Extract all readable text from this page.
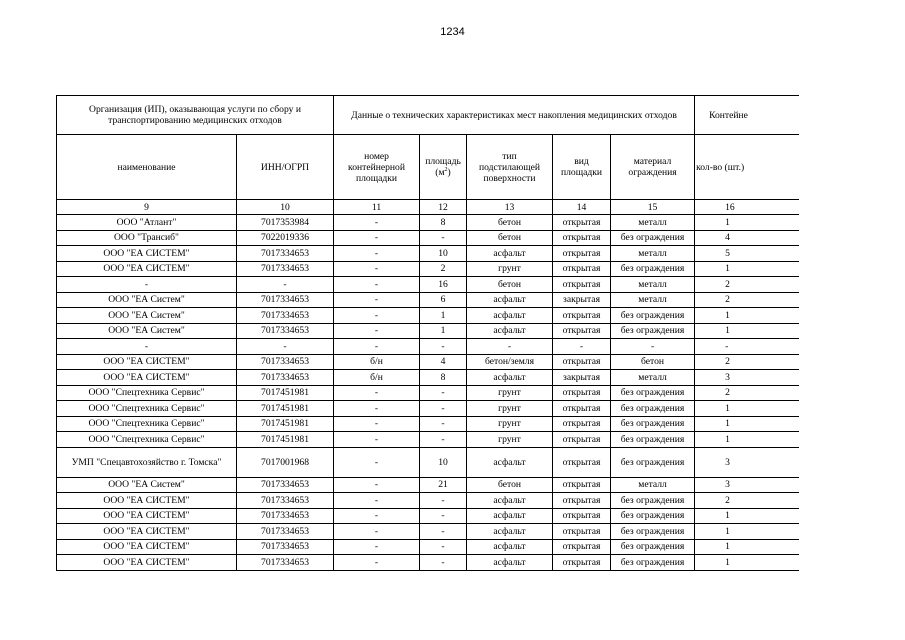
1234
Организация (ИП), оказывающая услуги по сбору и транспортированию медицинских отходов		Данные о технических характеристиках мест накопления медицинских отходов					Контейне
наименование	ИНН/ОГРП	номер контейнерной площадки	площадь $(м^2)$	тип подстилающей поверхности	вид площадки	материал ограждения	кол-во (шт.)
9	10	11	12	13	14	15	16
ООО "Атлант"	7017353984	-	8	бетон	открытая	металл	1
ООО "Трансиб"	7022019336	-	-	бетон	открытая	без ограждения	4
ООО "ЕА СИСТЕМ"	7017334653	-	10	асфальт	открытая	металл	5
ООО "ЕА СИСТЕМ"	7017334653	-	2	грунт	открытая	без ограждения	1
-	-	-	16	бетон	открытая	металл	2
ООО "ЕА Систем"	7017334653	-	6	асфальт	закрытая	металл	2
ООО "ЕА Систем"	7017334653	-	1	асфальт	открытая	без ограждения	1
ООО "ЕА Систем"	7017334653	-	1	асфальт	открытая	без ограждения	1
-	-	-	-	-	-	-	-
ООО "ЕА СИСТЕМ"	7017334653	б/н	4	бетон/земля	открытая	бетон	2
ООО "ЕА СИСТЕМ"	7017334653	б/н	8	асфальт	закрытая	металл	3
ООО "Спецтехника Сервис"	7017451981	-	-	грунт	открытая	без ограждения	2
ООО "Спецтехника Сервис"	7017451981	-	-	грунт	открытая	без ограждения	1
ООО "Спецтехника Сервис"	7017451981	-	-	грунт	открытая	без ограждения	1
ООО "Спецтехника Сервис"	7017451981	-	-	грунт	открытая	без ограждения	1
УМП "Спецавтохозяйство г. Томска"	7017001968	-	10	асфальт	открытая	без ограждения	3
ООО "ЕА Систем"	7017334653	-	21	бетон	открытая	металл	3
ООО "ЕА СИСТЕМ"	7017334653	-	-	асфальт	открытая	без ограждения	2
ООО "ЕА СИСТЕМ"	7017334653	-	-	асфальт	открытая	без ограждения	1
ООО "ЕА СИСТЕМ"	7017334653	-	-	асфальт	открытая	без ограждения	1
ООО "ЕА СИСТЕМ"	7017334653	-	-	асфальт	открытая	без ограждения	1
ООО "ЕА СИСТЕМ"	7017334653	-	-	асфальт	открытая	без ограждения	1
